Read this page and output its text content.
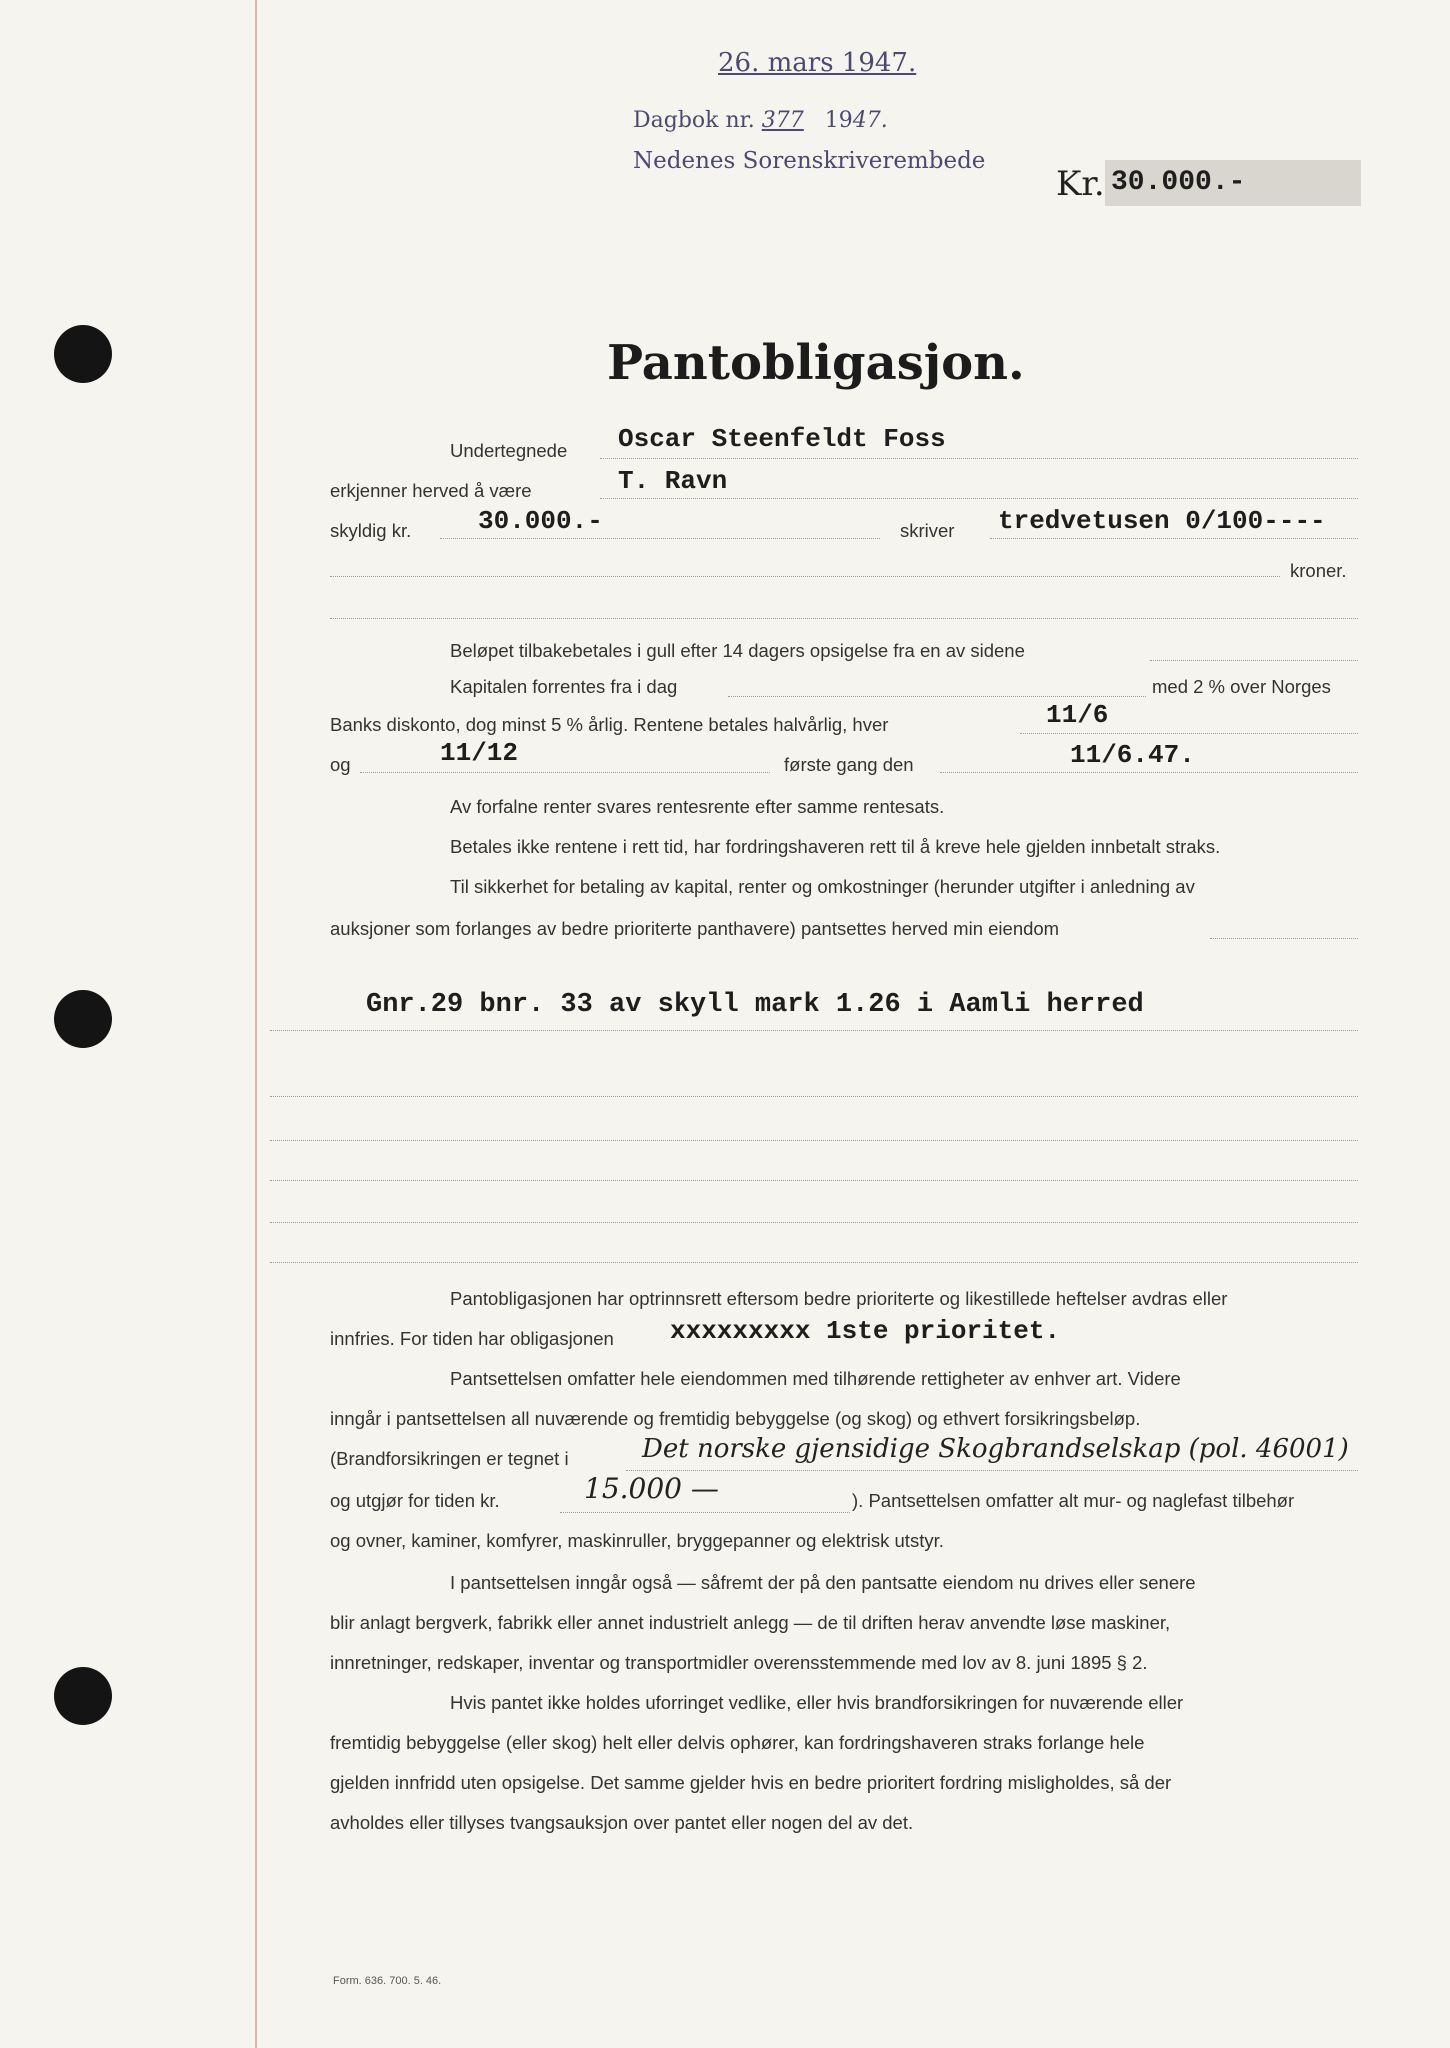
26. mars 1947.
Dagbok nr. 377 1947.
Nedenes Sorenskriverembede
Kr. 30.000.-
Pantobligasjon.
Undertegnede Oscar Steenfeldt Foss
erkjenner herved å være	T. Ravn
skyldig kr.	30.000.-	skriver tredvetusen 0/100----
kroner.
Beløpet tilbakebetales i gull efter 14 dagers opsigelse fra en av sidene
Kapitalen forrentes fra i dag	med 2 % over Norges
Banks diskonto, dog minst 5 % årlig. Rentene betales halvårlig, hver	11/6
og	11/12	første gang den	11/6.47.
Av forfalne renter svares rentesrente efter samme rentesats.
Betales ikke rentene i rett tid, har fordringshaveren rett til å kreve hele gjelden innbetalt straks.
Til sikkerhet for betaling av kapital, renter og omkostninger (herunder utgifter i anledning av
auksjoner som forlanges av bedre prioriterte panthavere) pantsettes herved min eiendom
Gnr.29 bnr. 33 av skyll mark 1.26 i Aamli herred
Pantobligasjonen har optrinnsrett eftersom bedre prioriterte og likestillede heftelser avdras eller
innfries. For tiden har obligasjonen xxxxxxxxx 1ste prioritet.
Pantsettelsen omfatter hele eiendommen med tilhørende rettigheter av enhver art. Videre
inngår i pantsettelsen all nuværende og fremtidig bebyggelse (og skog) og ethvert forsikringsbeløp.
(Brandforsikringen er tegnet i	Det norske gjensidige Skogbrandselskap (pol. 46001)
og utgjør for tiden kr.	15.000 —	). Pantsettelsen omfatter alt mur- og naglefast tilbehør
og ovner, kaminer, komfyrer, maskinruller, bryggepanner og elektrisk utstyr.
I pantsettelsen inngår også — såfremt der på den pantsatte eiendom nu drives eller senere
blir anlagt bergverk, fabrikk eller annet industrielt anlegg — de til driften herav anvendte løse maskiner,
innretninger, redskaper, inventar og transportmidler overensstemmende med lov av 8. juni 1895 § 2.
Hvis pantet ikke holdes uforringet vedlike, eller hvis brandforsikringen for nuværende eller
fremtidig bebyggelse (eller skog) helt eller delvis ophører, kan fordringshaveren straks forlange hele
gjelden innfridd uten opsigelse. Det samme gjelder hvis en bedre prioritert fordring misligholdes, så der
avholdes eller tillyses tvangsauksjon over pantet eller nogen del av det.
Form. 636. 700. 5. 46.
